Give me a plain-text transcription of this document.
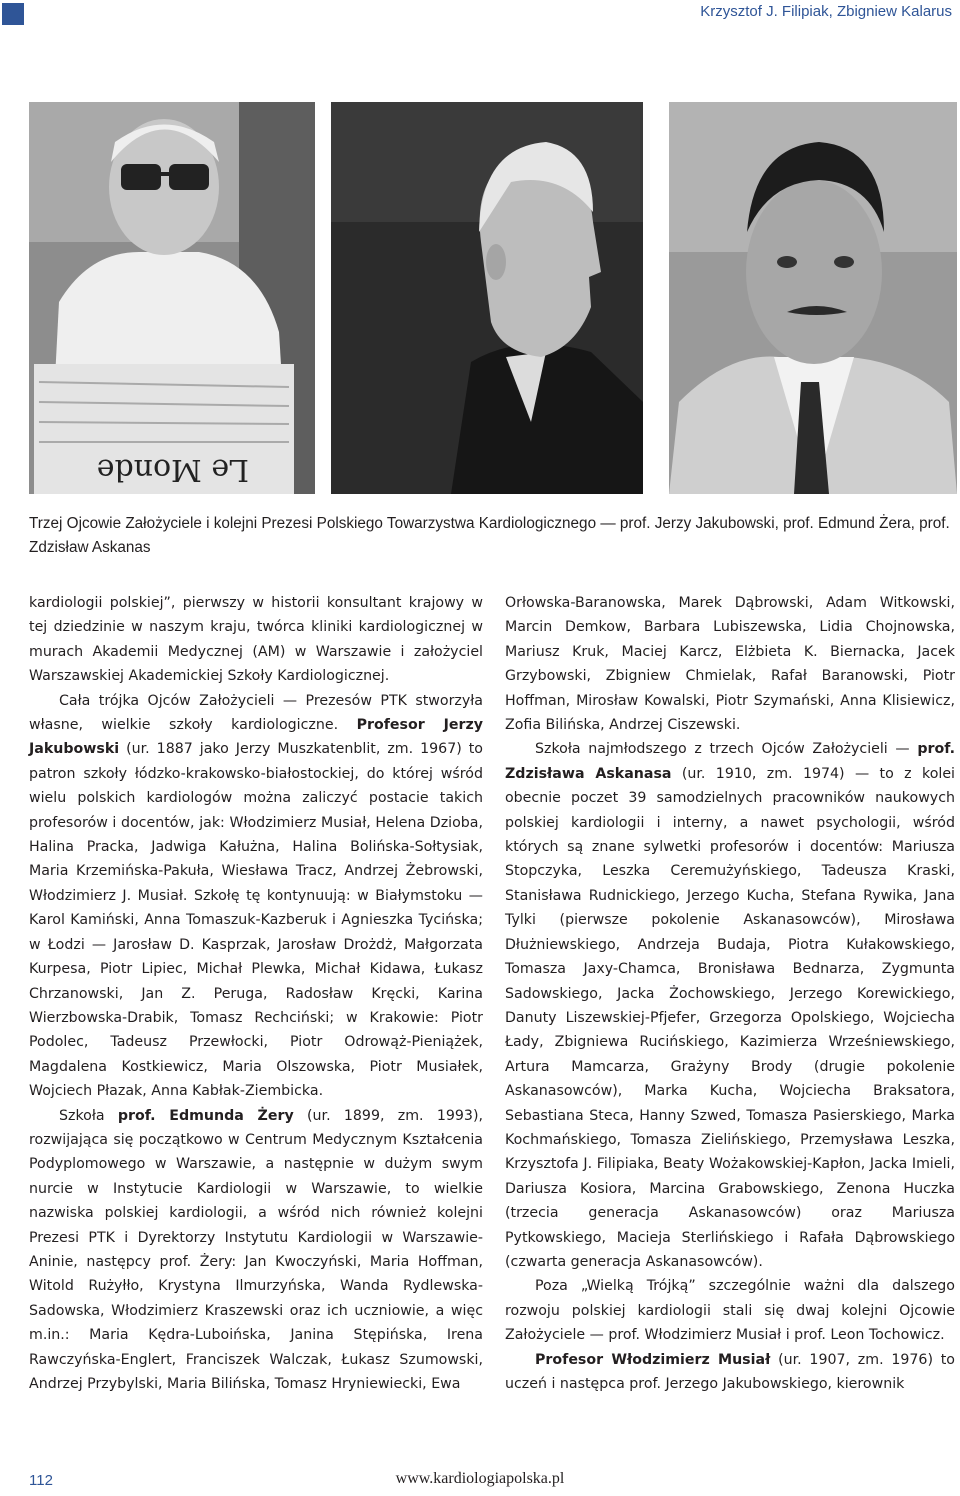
Krzysztof J. Filipiak, Zbigniew Kalarus
Le Monde
Trzej Ojcowie Założyciele i kolejni Prezesi Polskiego Towarzystwa Kardiologicznego — prof. Jerzy Jakubowski, prof. Edmund Żera, prof. Zdzisław Askanas

kardiologii polskiej”, pierwszy w historii konsultant krajowy w tej dziedzinie w naszym kraju, twórca kliniki kardiologicznej w murach Akademii Medycznej (AM) w Warszawie i założyciel Warszawskiej Akademickiej Szkoły Kardiologicznej.

Cała trójka Ojców Założycieli — Prezesów PTK stworzyła własne, wielkie szkoły kardiologiczne. Profesor Jerzy Jakubowski (ur. 1887 jako Jerzy Muszkatenblit, zm. 1967) to patron szkoły łódzko-krakowsko-białostockiej, do której wśród wielu polskich kardiologów można zaliczyć postacie takich profesorów i docentów, jak: Włodzimierz Musiał, Helena Dzioba, Halina Pracka, Jadwiga Kałużna, Halina Bolińska-Sołtysiak, Maria Krzemińska-Pakuła, Wiesława Tracz, Andrzej Żebrowski, Włodzimierz J. Musiał. Szkołę tę kontynuują: w Białymstoku — Karol Kamiński, Anna Tomaszuk-Kazberuk i Agnieszka Tycińska; w Łodzi — Jarosław D. Kasprzak, Jarosław Drożdż, Małgorzata Kurpesa, Piotr Lipiec, Michał Plewka, Michał Kidawa, Łukasz Chrzanowski, Jan Z. Peruga, Radosław Kręcki, Karina Wierzbowska-Drabik, Tomasz Rechciński; w Krakowie: Piotr Podolec, Tadeusz Przewłocki, Piotr Odrowąż-Pieniążek, Magdalena Kostkiewicz, Maria Olszowska, Piotr Musiałek, Wojciech Płazak, Anna Kabłak-Ziembicka.

Szkoła prof. Edmunda Żery (ur. 1899, zm. 1993), rozwijająca się początkowo w Centrum Medycznym Kształcenia Podyplomowego w Warszawie, a następnie w dużym swym nurcie w Instytucie Kardiologii w Warszawie, to wielkie nazwiska polskiej kardiologii, a wśród nich również kolejni Prezesi PTK i Dyrektorzy Instytutu Kardiologii w Warszawie-Aninie, następcy prof. Żery: Jan Kwoczyński, Maria Hoffman, Witold Rużyłło, Krystyna Ilmurzyńska, Wanda Rydlewska-Sadowska, Włodzimierz Kraszewski oraz ich uczniowie, a więc m.in.: Maria Kędra-Luboińska, Janina Stępińska, Irena Rawczyńska-Englert, Franciszek Walczak, Łukasz Szumowski, Andrzej Przybylski, Maria Bilińska, Tomasz Hryniewiecki, Ewa

Orłowska-Baranowska, Marek Dąbrowski, Adam Witkowski, Marcin Demkow, Barbara Lubiszewska, Lidia Chojnowska, Mariusz Kruk, Maciej Karcz, Elżbieta K. Biernacka, Jacek Grzybowski, Zbigniew Chmielak, Rafał Baranowski, Piotr Hoffman, Mirosław Kowalski, Piotr Szymański, Anna Klisiewicz, Zofia Bilińska, Andrzej Ciszewski.

Szkoła najmłodszego z trzech Ojców Założycieli — prof. Zdzisława Askanasa (ur. 1910, zm. 1974) — to z kolei obecnie poczet 39 samodzielnych pracowników naukowych polskiej kardiologii i interny, a nawet psychologii, wśród których są znane sylwetki profesorów i docentów: Mariusza Stopczyka, Leszka Ceremużyńskiego, Tadeusza Kraski, Stanisława Rudnickiego, Jerzego Kucha, Stefana Rywika, Jana Tylki (pierwsze pokolenie Askanasowców), Mirosława Dłużniewskiego, Andrzeja Budaja, Piotra Kułakowskiego, Tomasza Jaxy-Chamca, Bronisława Bednarza, Zygmunta Sadowskiego, Jacka Żochowskiego, Jerzego Korewickiego, Danuty Liszewskiej-Pfjefer, Grzegorza Opolskiego, Wojciecha Łady, Zbigniewa Rucińskiego, Kazimierza Wrześniewskiego, Artura Mamcarza, Grażyny Brody (drugie pokolenie Askanasowców), Marka Kucha, Wojciecha Braksatora, Sebastiana Steca, Hanny Szwed, Tomasza Pasierskiego, Marka Kochmańskiego, Tomasza Zielińskiego, Przemysława Leszka, Krzysztofa J. Filipiaka, Beaty Wożakowskiej-Kapłon, Jacka Imieli, Dariusza Kosiora, Marcina Grabowskiego, Zenona Huczka (trzecia generacja Askanasowców) oraz Mariusza Pytkowskiego, Macieja Sterlińskiego i Rafała Dąbrowskiego (czwarta generacja Askanasowców).

Poza „Wielką Trójką” szczególnie ważni dla dalszego rozwoju polskiej kardiologii stali się dwaj kolejni Ojcowie Założyciele — prof. Włodzimierz Musiał i prof. Leon Tochowicz.

Profesor Włodzimierz Musiał (ur. 1907, zm. 1976) to uczeń i następca prof. Jerzego Jakubowskiego, kierownik

112	www.kardiologiapolska.pl
